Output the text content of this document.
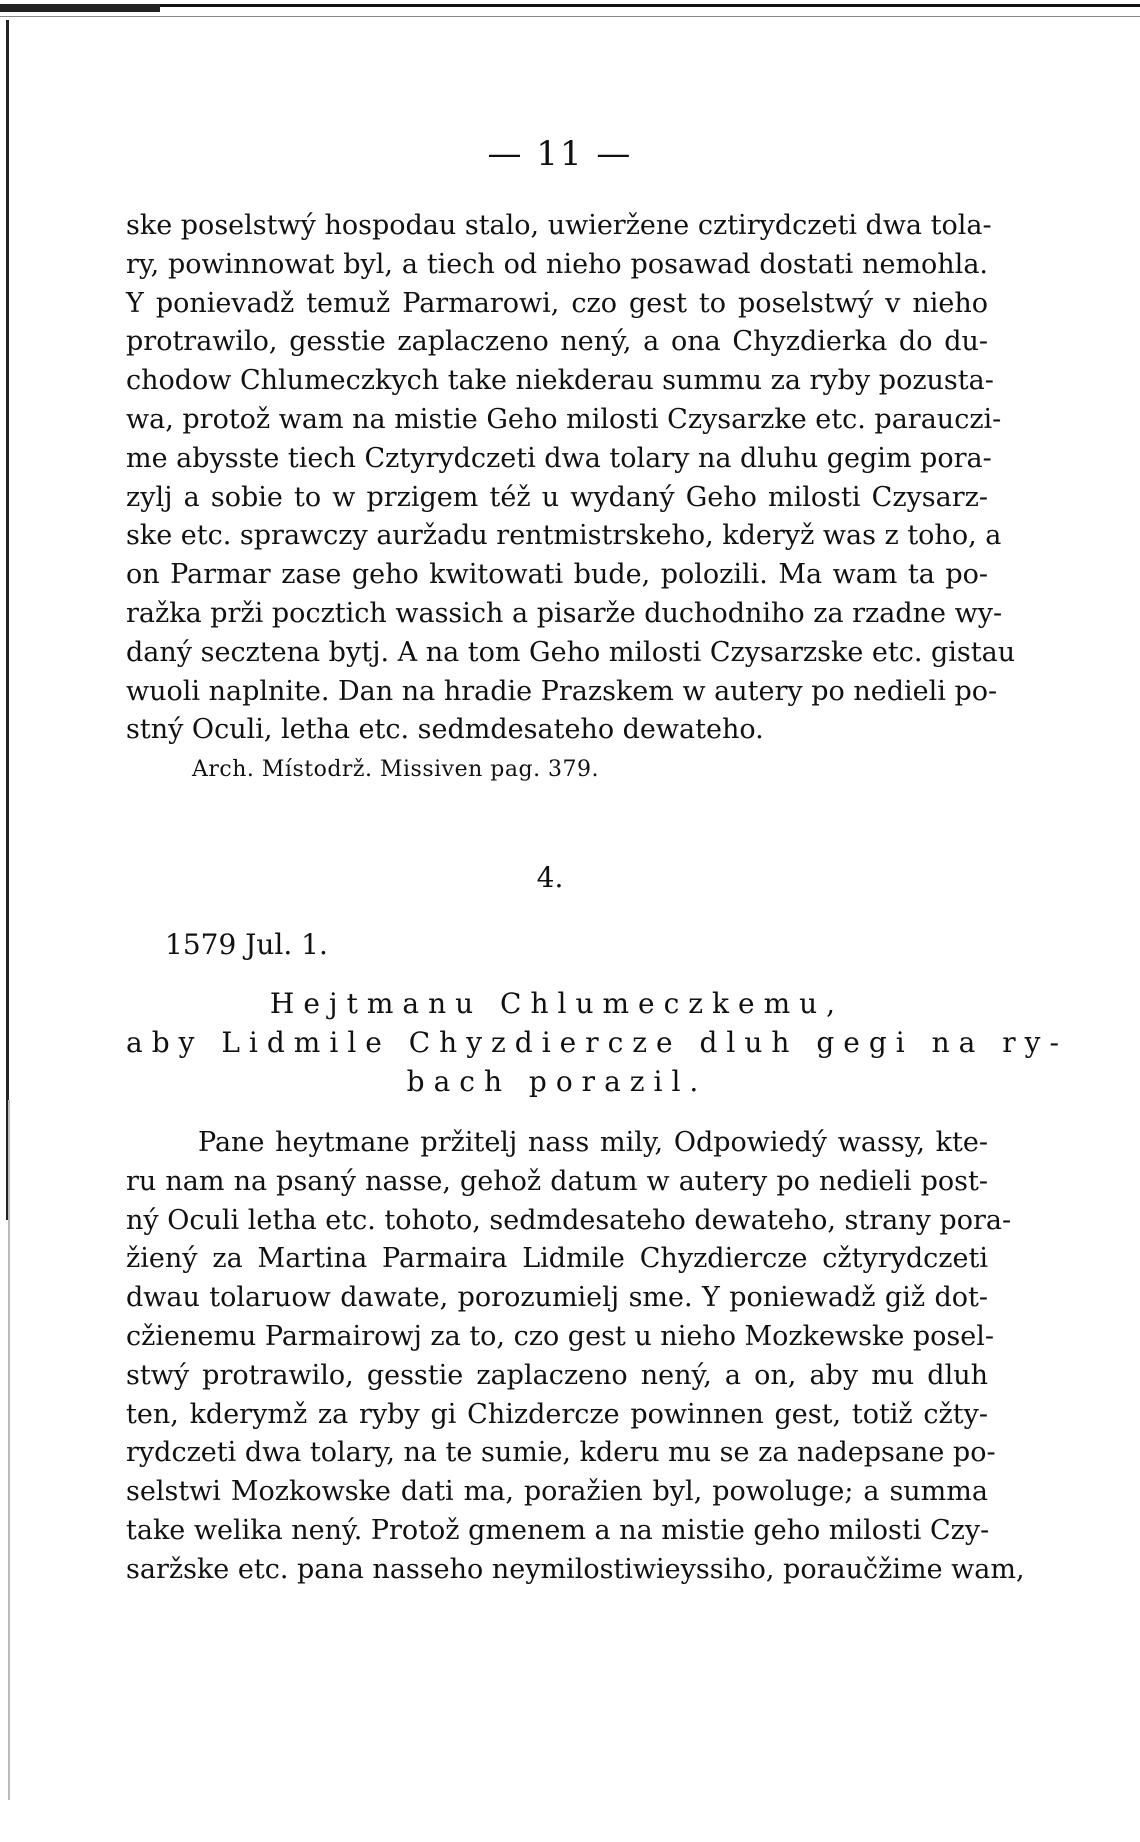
— 11 —

ske poselstwý hospodau stalo, uwieržene cztirydczeti dwa tola-

ry, powinnowat byl, a tiech od nieho posawad dostati nemohla.

Y ponievadž temuž Parmarowi, czo gest to poselstwý v nieho

protrawilo, gesstie zaplaczeno nený, a ona Chyzdierka do du-

chodow Chlumeczkych take niekderau summu za ryby pozusta-

wa, protož wam na mistie Geho milosti Czysarzke etc. parauczi-

me abysste tiech Cztyrydczeti dwa tolary na dluhu gegim pora-

zylj a sobie to w przigem též u wydaný Geho milosti Czysarz-

ske etc. sprawczy auržadu rentmistrskeho, kderyž was z toho, a

on Parmar zase geho kwitowati bude, polozili. Ma wam ta po-

ražka prži pocztich wassich a pisarže duchodniho za rzadne wy-

daný secztena bytj. A na tom Geho milosti Czysarzske etc. gistau

wuoli naplnite. Dan na hradie Prazskem w autery po nedieli po-

stný Oculi, letha etc. sedmdesateho dewateho.

Arch. Místodrž. Missiven pag. 379.
4.
1579 Jul. 1.

Hejtmanu Chlumeczkemu,

aby Lidmile Chyzdiercze dluh gegi na ry-

bach porazil.

Pane heytmane pržitelj nass mily, Odpowiedý wassy, kte-

ru nam na psaný nasse, gehož datum w autery po nedieli post-

ný Oculi letha etc. tohoto, sedmdesateho dewateho, strany pora-

žiený za Martina Parmaira Lidmile Chyzdiercze cžtyrydczeti

dwau tolaruow dawate, porozumielj sme. Y poniewadž giž dot-

cžienemu Parmairowj za to, czo gest u nieho Mozkewske posel-

stwý protrawilo, gesstie zaplaczeno nený, a on, aby mu dluh

ten, kderymž za ryby gi Chizdercze powinnen gest, totiž cžty-

rydczeti dwa tolary, na te sumie, kderu mu se za nadepsane po-

selstwi Mozkowske dati ma, poražien byl, powoluge; a summa

take welika nený. Protož gmenem a na mistie geho milosti Czy-

saržske etc. pana nasseho neymilostiwieyssiho, poraučžime wam,
